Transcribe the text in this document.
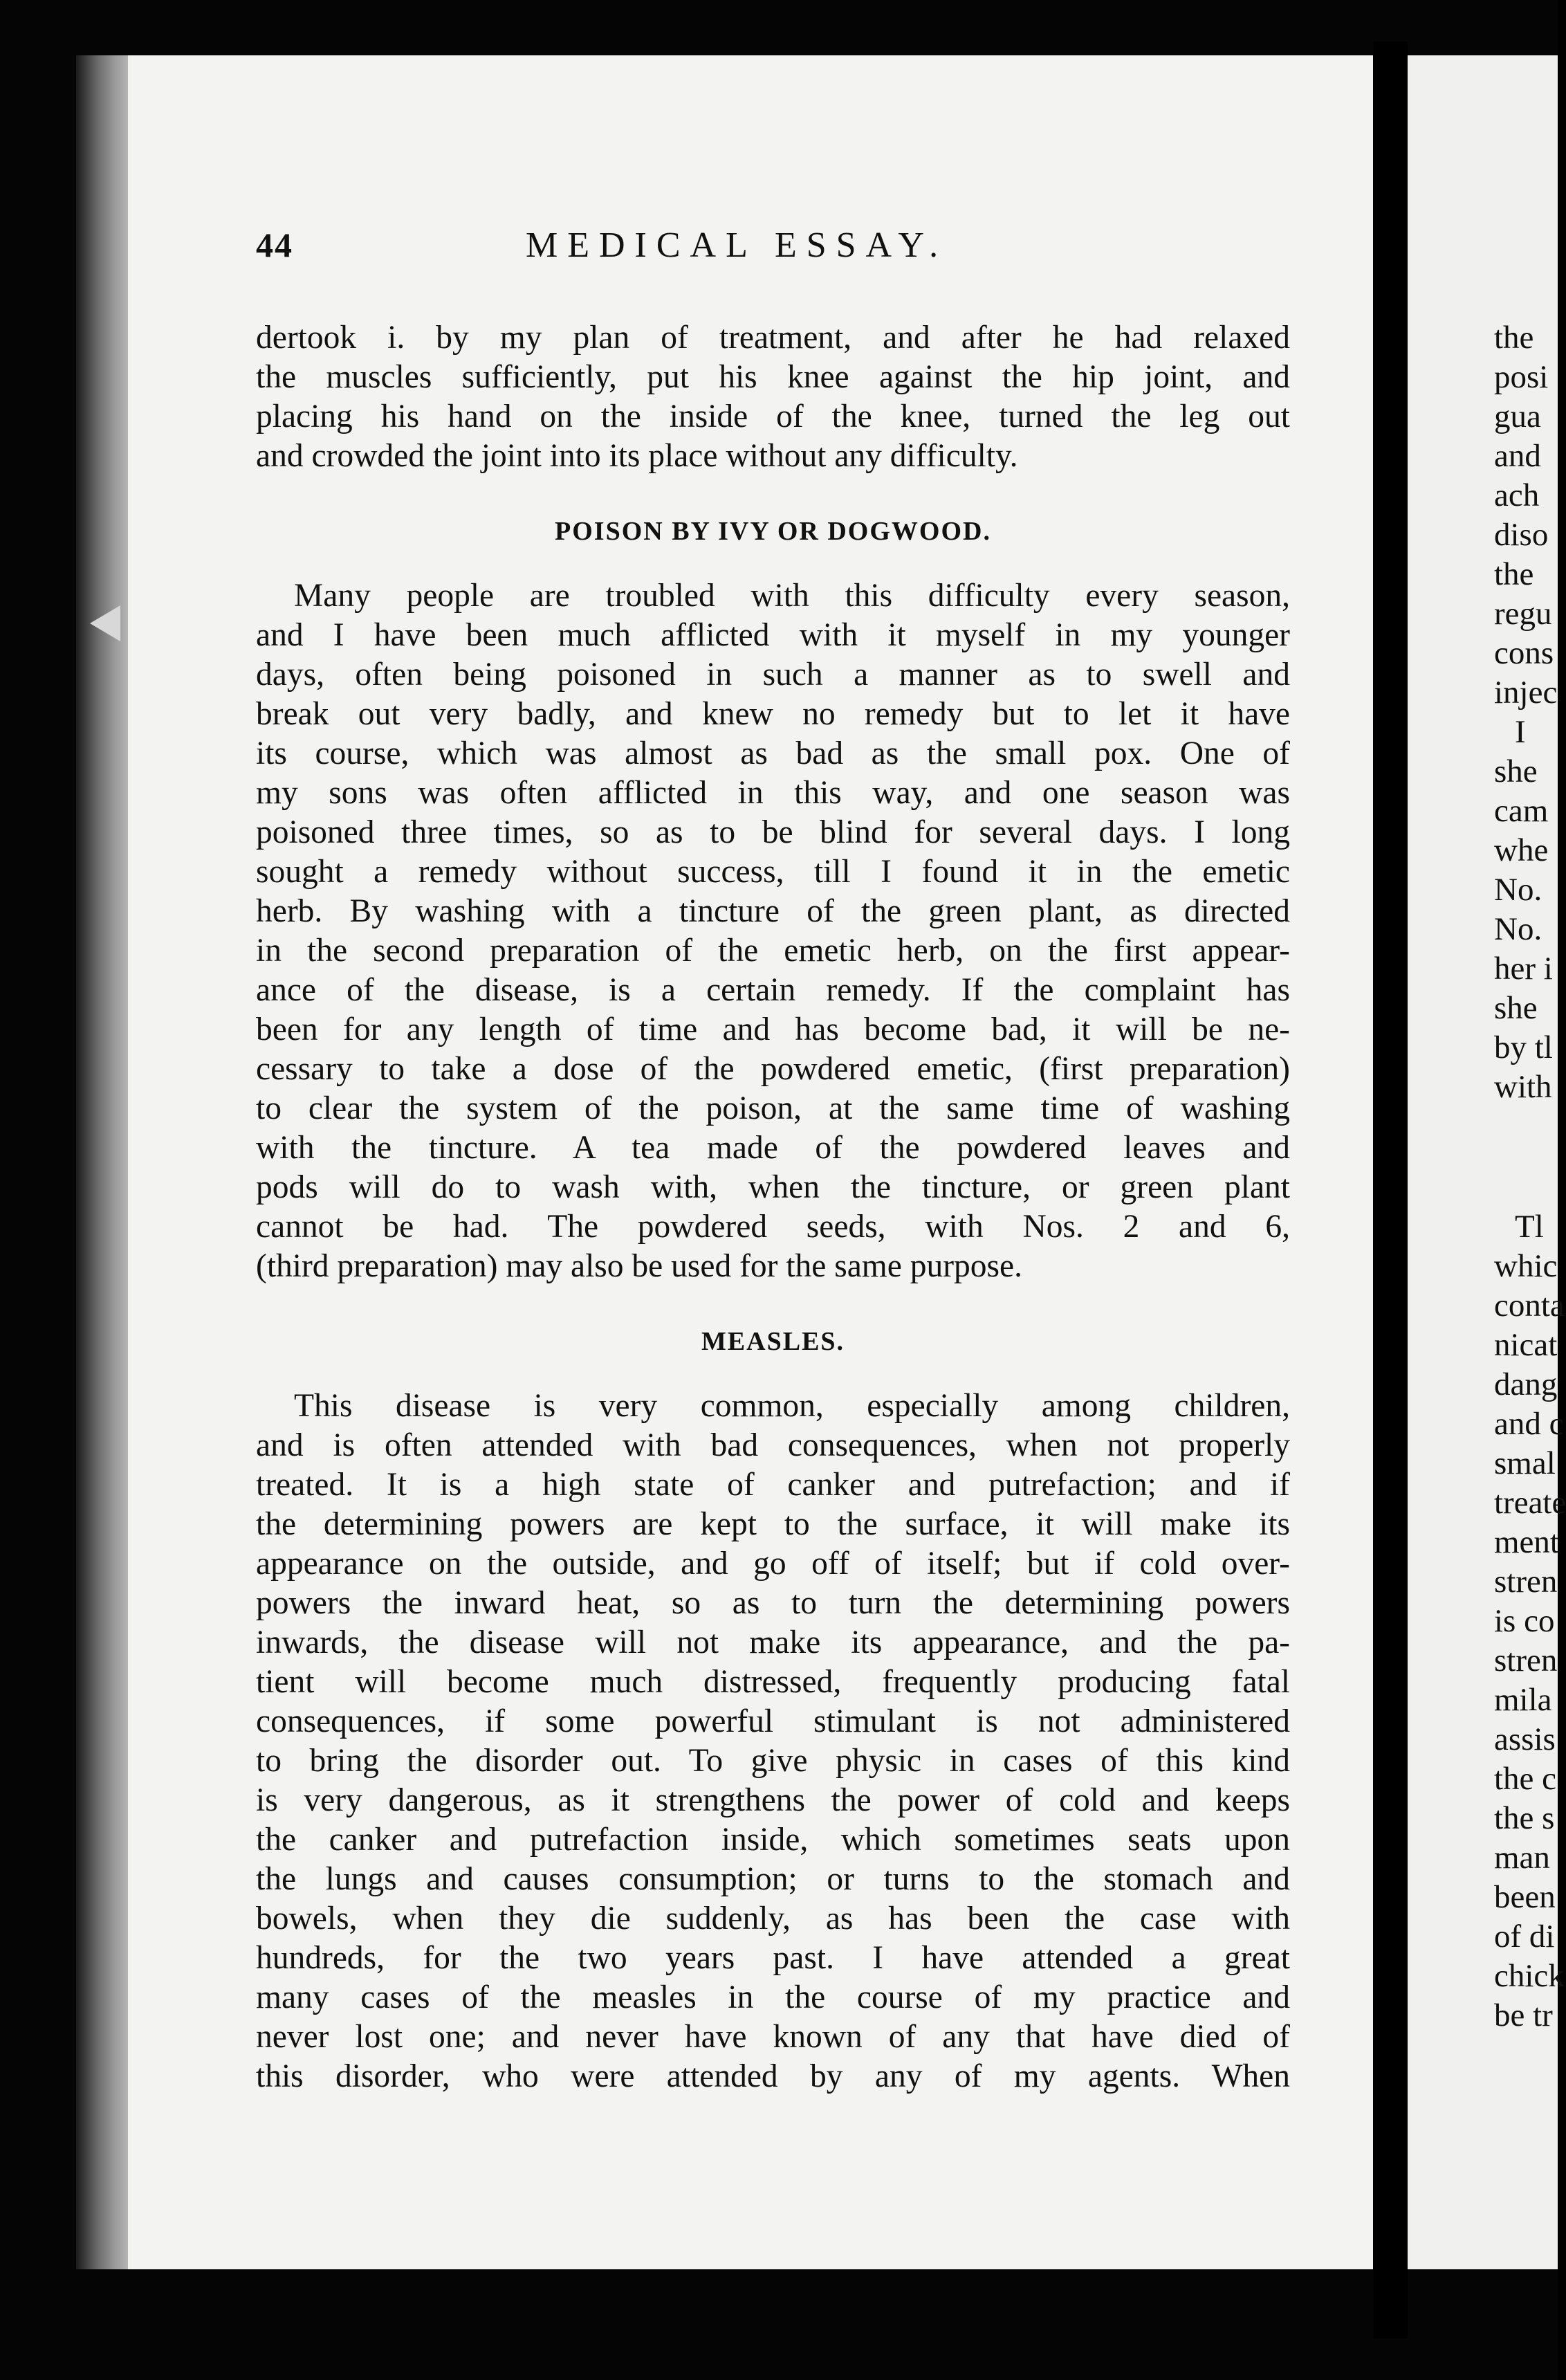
44	MEDICAL ESSAY.
dertook i. by my plan of treatment, and after he had relaxed
the muscles sufficiently, put his knee against the hip joint, and
placing his hand on the inside of the knee, turned the leg out
and crowded the joint into its place without any difficulty.
POISON BY IVY OR DOGWOOD.
Many people are troubled with this difficulty every season,
and I have been much afflicted with it myself in my younger
days, often being poisoned in such a manner as to swell and
break out very badly, and knew no remedy but to let it have
its course, which was almost as bad as the small pox. One of
my sons was often afflicted in this way, and one season was
poisoned three times, so as to be blind for several days. I long
sought a remedy without success, till I found it in the emetic
herb. By washing with a tincture of the green plant, as directed
in the second preparation of the emetic herb, on the first appear-
ance of the disease, is a certain remedy. If the complaint has
been for any length of time and has become bad, it will be ne-
cessary to take a dose of the powdered emetic, (first preparation)
to clear the system of the poison, at the same time of washing
with the tincture. A tea made of the powdered leaves and
pods will do to wash with, when the tincture, or green plant
cannot be had. The powdered seeds, with Nos. 2 and 6,
(third preparation) may also be used for the same purpose.
MEASLES.
This disease is very common, especially among children,
and is often attended with bad consequences, when not properly
treated. It is a high state of canker and putrefaction; and if
the determining powers are kept to the surface, it will make its
appearance on the outside, and go off of itself; but if cold over-
powers the inward heat, so as to turn the determining powers
inwards, the disease will not make its appearance, and the pa-
tient will become much distressed, frequently producing fatal
consequences, if some powerful stimulant is not administered
to bring the disorder out. To give physic in cases of this kind
is very dangerous, as it strengthens the power of cold and keeps
the canker and putrefaction inside, which sometimes seats upon
the lungs and causes consumption; or turns to the stomach and
bowels, when they die suddenly, as has been the case with
hundreds, for the two years past. I have attended a great
many cases of the measles in the course of my practice and
never lost one; and never have known of any that have died of
this disorder, who were attended by any of my agents. When
the
posi
gua
and
ach
diso
the
regu
cons
injec
I
she
cam
whe
No.
No.
her i
she
by tl
with
Tl
whic
conta
nicat
dang
and c
smal
treate
ment
stren
is co
stren
mila
assis
the c
the s
man
been
of di
chick
be tr
